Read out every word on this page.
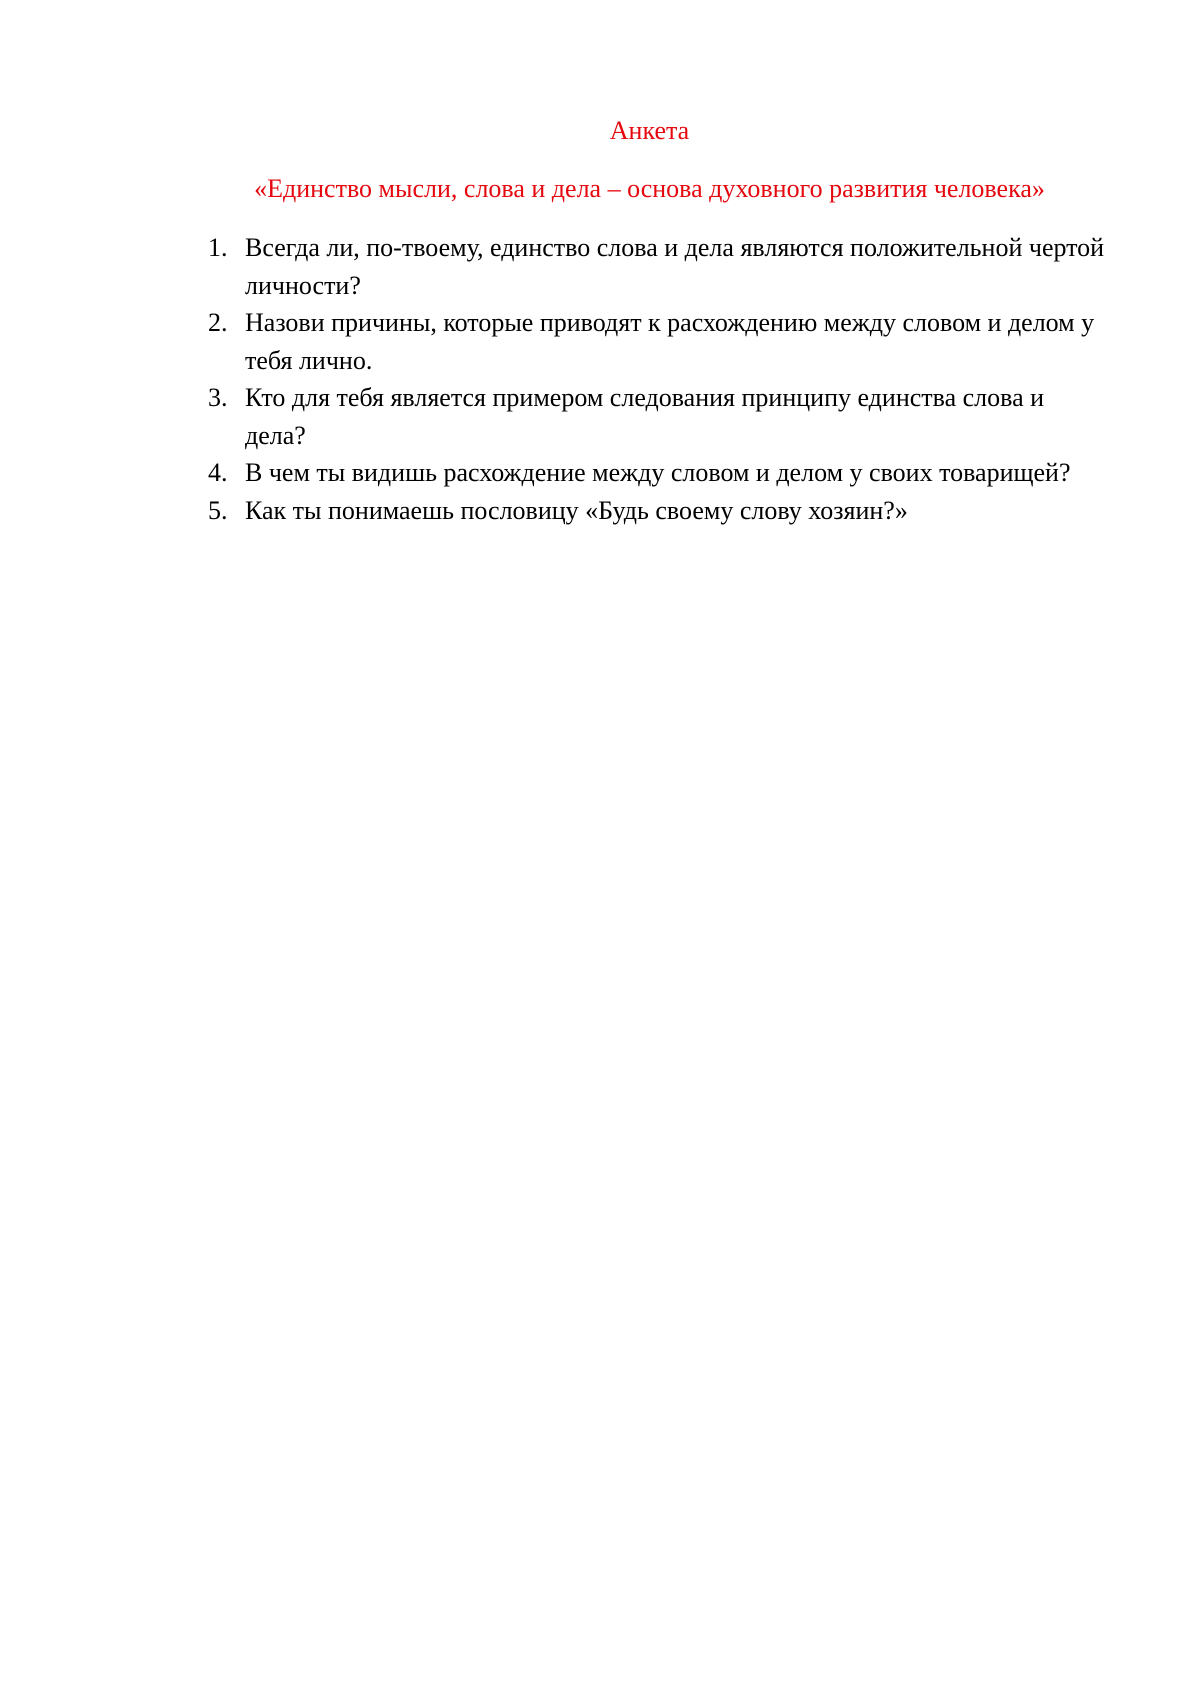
Анкета
«Единство мысли, слова и дела – основа духовного развития человека»
1. Всегда ли, по-твоему, единство слова и дела являются положительной чертой личности?
2. Назови причины, которые приводят к расхождению между словом и делом у тебя лично.
3. Кто для тебя является примером следования принципу единства слова и дела?
4. В чем ты видишь расхождение между словом и делом у своих товарищей?
5. Как ты понимаешь пословицу «Будь своему слову хозяин?»
